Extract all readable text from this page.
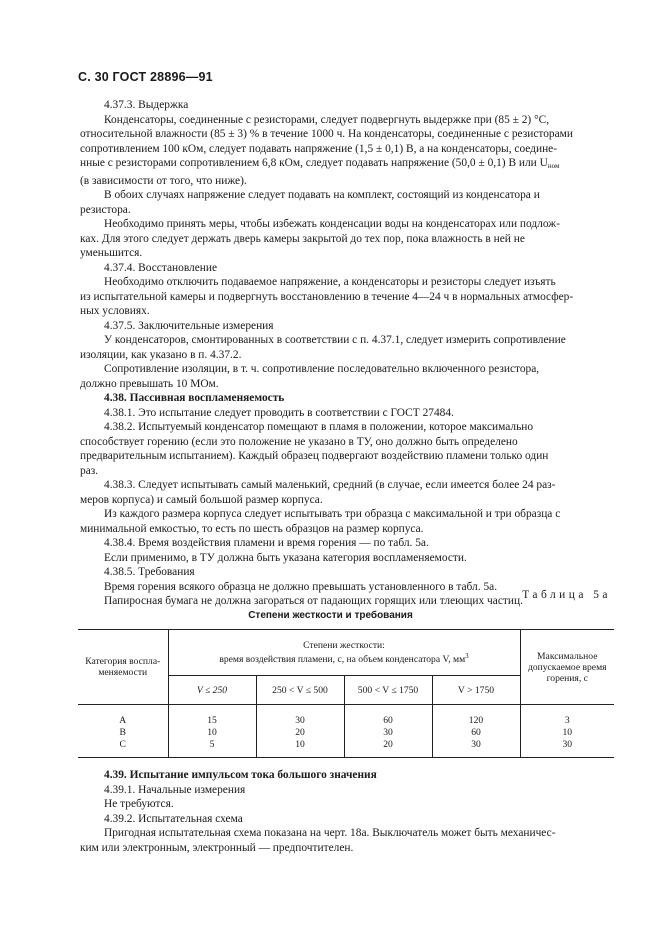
С. 30 ГОСТ 28896—91

4.37.3. Выдержка

Конденсаторы, соединенные с резисторами, следует подвергнуть выдержке при (85 ± 2) °С,
относительной влажности (85 ± 3) % в течение 1000 ч. На конденсаторы, соединенные с резисторами
сопротивлением 100 кОм, следует подавать напряжение (1,5 ± 0,1) В, а на конденсаторы, соедине-
нные с резисторами сопротивлением 6,8 кОм, следует подавать напряжение (50,0 ± 0,1) В или $U_{ном}$
(в зависимости от того, что ниже).

В обоих случаях напряжение следует подавать на комплект, состоящий из конденсатора и
резистора.

Необходимо принять меры, чтобы избежать конденсации воды на конденсаторах или подлож-
ках. Для этого следует держать дверь камеры закрытой до тех пор, пока влажность в ней не
уменьшится.

4.37.4. Восстановление

Необходимо отключить подаваемое напряжение, а конденсаторы и резисторы следует изъять
из испытательной камеры и подвергнуть восстановлению в течение 4—24 ч в нормальных атмосфер-
ных условиях.

4.37.5. Заключительные измерения

У конденсаторов, смонтированных в соответствии с п. 4.37.1, следует измерить сопротивление
изоляции, как указано в п. 4.37.2.

Сопротивление изоляции, в т. ч. сопротивление последовательно включенного резистора,
должно превышать 10 МОм.

4.38. Пассивная воспламеняемость

4.38.1. Это испытание следует проводить в соответствии с ГОСТ 27484.

4.38.2. Испытуемый конденсатор помещают в пламя в положении, которое максимально
способствует горению (если это положение не указано в ТУ, оно должно быть определено
предварительным испытанием). Каждый образец подвергают воздействию пламени только один
раз.

4.38.3. Следует испытывать самый маленький, средний (в случае, если имеется более 24 раз-
меров корпуса) и самый большой размер корпуса.

Из каждого размера корпуса следует испытывать три образца с максимальной и три образца с
минимальной емкостью, то есть по шесть образцов на размер корпуса.

4.38.4. Время воздействия пламени и время горения — по табл. 5а.

Если применимо, в ТУ должна быть указана категория воспламеняемости.

4.38.5. Требования

Время горения всякого образца не должно превышать установленного в табл. 5а.

Папиросная бумага не должна загораться от падающих горящих или тлеющих частиц. Таблица 5а
Степени жесткости и требования
Категория воспла-меняемости	Степени жесткости:
время воздействия пламени, с, на объем конденсатора V, $мм^3$				Максимальное допускаемое время горения, с
	V ≤ 250	250 < V ≤ 500	500 < V ≤ 1750	V > 1750	
А	15	30	60	120	3
В	10	20	30	60	10
С	5	10	20	30	30

4.39. Испытание импульсом тока большого значения

4.39.1. Начальные измерения

Не требуются.

4.39.2. Испытательная схема

Пригодная испытательная схема показана на черт. 18а. Выключатель может быть механичес-
ким или электронным, электронный — предпочтителен.
